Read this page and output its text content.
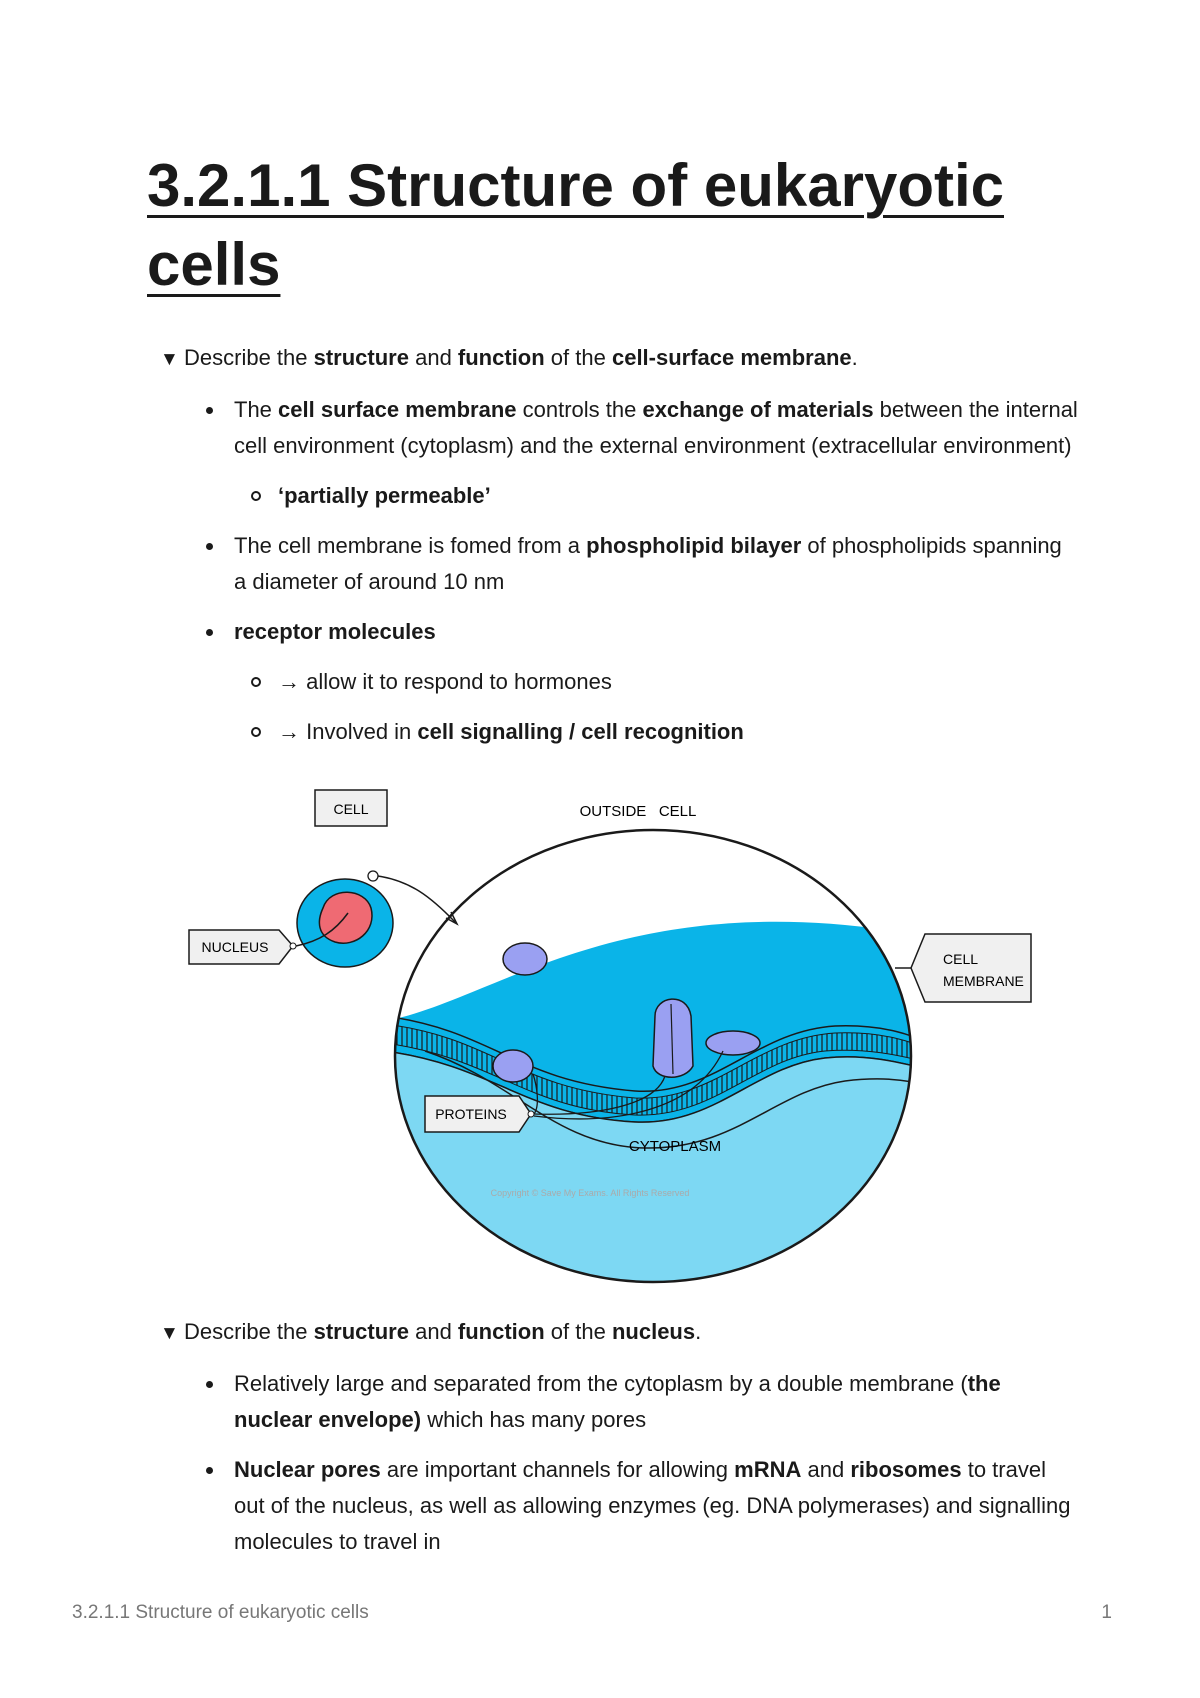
3.2.1.1 Structure of eukaryotic cells

▼ Describe the structure and function of the cell-surface membrane.

The cell surface membrane controls the exchange of materials between the internal cell environment (cytoplasm) and the external environment (extracellular environment)
‘partially permeable’
The cell membrane is fomed from a phospholipid bilayer of phospholipids spanning a diameter of around 10 nm
receptor molecules
→ allow it to respond to hormones
→ Involved in cell signalling / cell recognition
CELL
NUCLEUS
OUTSIDE   CELL
CELL
MEMBRANE
PROTEINS
CYTOPLASM
Copyright © Save My Exams. All Rights Reserved

▼ Describe the structure and function of the nucleus.

Relatively large and separated from the cytoplasm by a double membrane (the nuclear envelope) which has many pores
Nuclear pores are important channels for allowing mRNA and ribosomes to travel out of the nucleus, as well as allowing enzymes (eg. DNA polymerases) and signalling molecules to travel in
3.2.1.1 Structure of eukaryotic cells	1
